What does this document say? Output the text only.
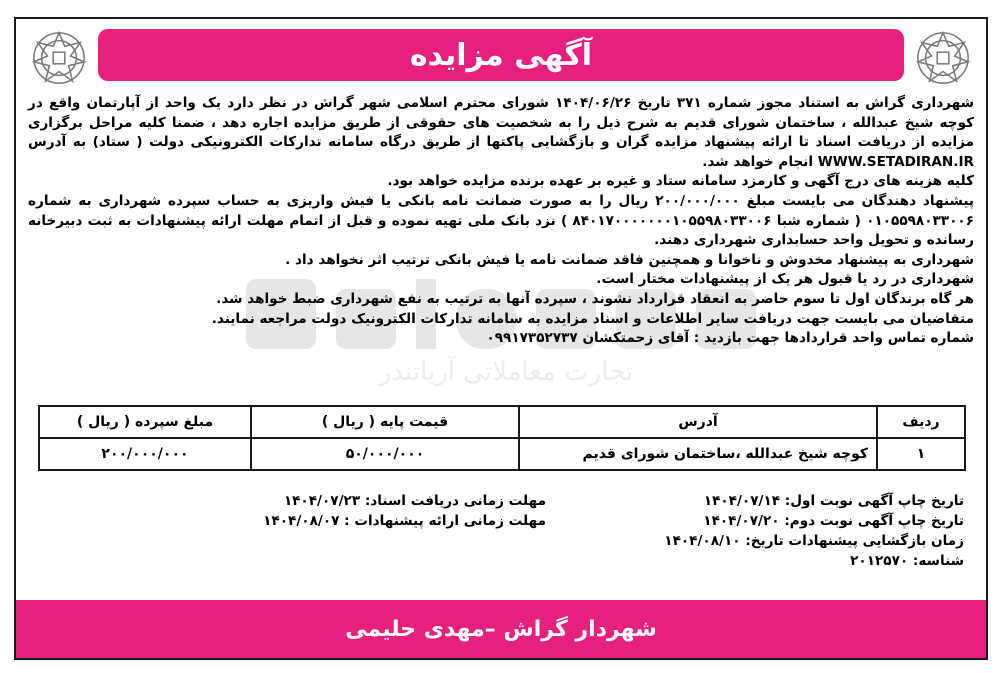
آگهی مزایده
تجارت معاملاتی آریاتندر

شهرداری گراش به استناد مجوز شماره ۳۷۱ تاریخ ۱۴۰۴/۰۶/۲۶ شورای محترم اسلامی شهر گراش در نظر دارد یک واحد از آپارتمان واقع در کوچه شیخ عبدالله ، ساختمان شورای قدیم به شرح ذیل را به شخصیت های حقوقی از طریق مزایده اجاره دهد ، ضمنا کلیه مراحل برگزاری مزایده از دریافت اسناد تا ارائه پیشنهاد مزایده گران و بازگشایی پاکتها از طریق درگاه سامانه تدارکات الکترونیکی دولت ( ستاد) به آدرس WWW.SETADIRAN.IR انجام خواهد شد.

کلیه هزینه های درج آگهی و کارمزد سامانه ستاد و غیره بر عهده برنده مزایده خواهد بود.

پیشنهاد دهندگان می بایست مبلغ ۲۰۰/۰۰۰/۰۰۰ ریال را به صورت ضمانت نامه بانکی یا فیش واریزی به حساب سپرده شهرداری به شماره ۰۱۰۵۵۹۸۰۳۳۰۰۶ ( شماره شبا ۸۴۰۱۷۰۰۰۰۰۰۰۱۰۵۵۹۸۰۳۳۰۰۶ ) نزد بانک ملی تهیه نموده و قبل از اتمام مهلت ارائه پیشنهادات به ثبت دبیرخانه رسانده و تحویل واحد حسابداری شهرداری دهند.

شهرداری به پیشنهاد مخدوش و ناخوانا و همچنین فاقد ضمانت نامه یا فیش بانکی ترتیب اثر نخواهد داد .

شهرداری در رد یا قبول هر یک از پیشنهادات مختار است.

هر گاه برندگان اول تا سوم حاضر به انعقاد قرارداد نشوند ، سپرده آنها به ترتیب به نفع شهرداری ضبط خواهد شد.

متقاضیان می بایست جهت دریافت سایر اطلاعات و اسناد مزایده به سامانه تدارکات الکترونیک دولت مراجعه نمایند.

شماره تماس واحد قراردادها جهت بازدید : آقای زحمتکشان ۰۹۹۱۷۳۵۲۷۳۷

ردیف	آدرس	قیمت پایه ( ریال )	مبلغ سپرده ( ریال )
۱	کوچه شیخ عبدالله ،ساختمان شورای قدیم	۵۰/۰۰۰/۰۰۰	۲۰۰/۰۰۰/۰۰۰
تاریخ چاپ آگهی نوبت اول: ۱۴۰۴/۰۷/۱۴
تاریخ چاپ آگهی نوبت دوم: ۱۴۰۴/۰۷/۲۰
زمان بازگشایی پیشنهادات تاریخ: ۱۴۰۴/۰۸/۱۰
شناسه: ۲۰۱۲۵۷۰
مهلت زمانی دریافت اسناد: ۱۴۰۴/۰۷/۲۳
مهلت زمانی ارائه پیشنهادات : ۱۴۰۴/۰۸/۰۷
شهردار گراش –مهدی حلیمی
